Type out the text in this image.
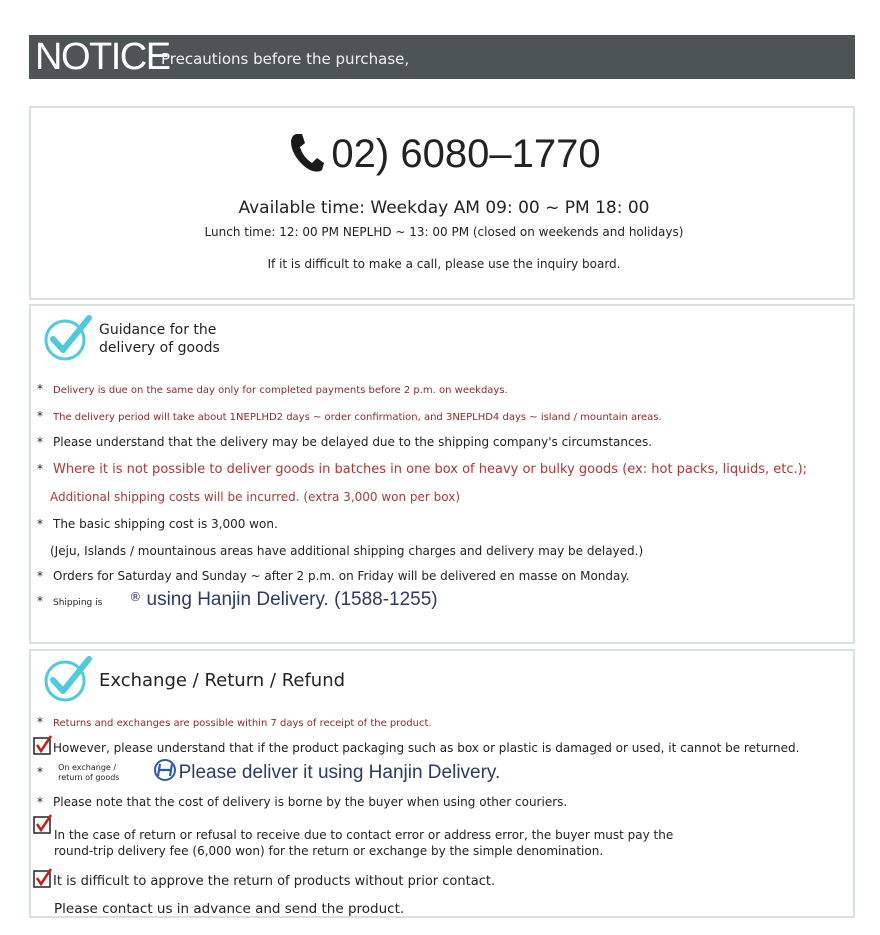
NOTICE
Precautions before the purchase,
02) 6080–1770
Available time: Weekday AM 09: 00 ~ PM 18: 00
Lunch time: 12: 00 PM NEPLHD ~ 13: 00 PM (closed on weekends and holidays)
If it is difficult to make a call, please use the inquiry board.
Guidance for the
delivery of goods
* Delivery is due on the same day only for completed payments before 2 p.m. on weekdays.
* The delivery period will take about 1NEPLHD2 days ~ order confirmation, and 3NEPLHD4 days ~ island / mountain areas.
* Please understand that the delivery may be delayed due to the shipping company's circumstances.
* Where it is not possible to deliver goods in batches in one box of heavy or bulky goods (ex: hot packs, liquids, etc.);
Additional shipping costs will be incurred. (extra 3,000 won per box)
* The basic shipping cost is 3,000 won.
(Jeju, Islands / mountainous areas have additional shipping charges and delivery may be delayed.)
* Orders for Saturday and Sunday ~ after 2 p.m. on Friday will be delivered en masse on Monday.
* Shipping is ® using Hanjin Delivery. (1588-1255)
Exchange / Return / Refund
* Returns and exchanges are possible within 7 days of receipt of the product.
However, please understand that if the product packaging such as box or plastic is damaged or used, it cannot be returned.
* On exchange /
return of goods	Please deliver it using Hanjin Delivery.
* Please note that the cost of delivery is borne by the buyer when using other couriers.
In the case of return or refusal to receive due to contact error or address error, the buyer must pay the
round-trip delivery fee (6,000 won) for the return or exchange by the simple denomination.
It is difficult to approve the return of products without prior contact.
Please contact us in advance and send the product.
